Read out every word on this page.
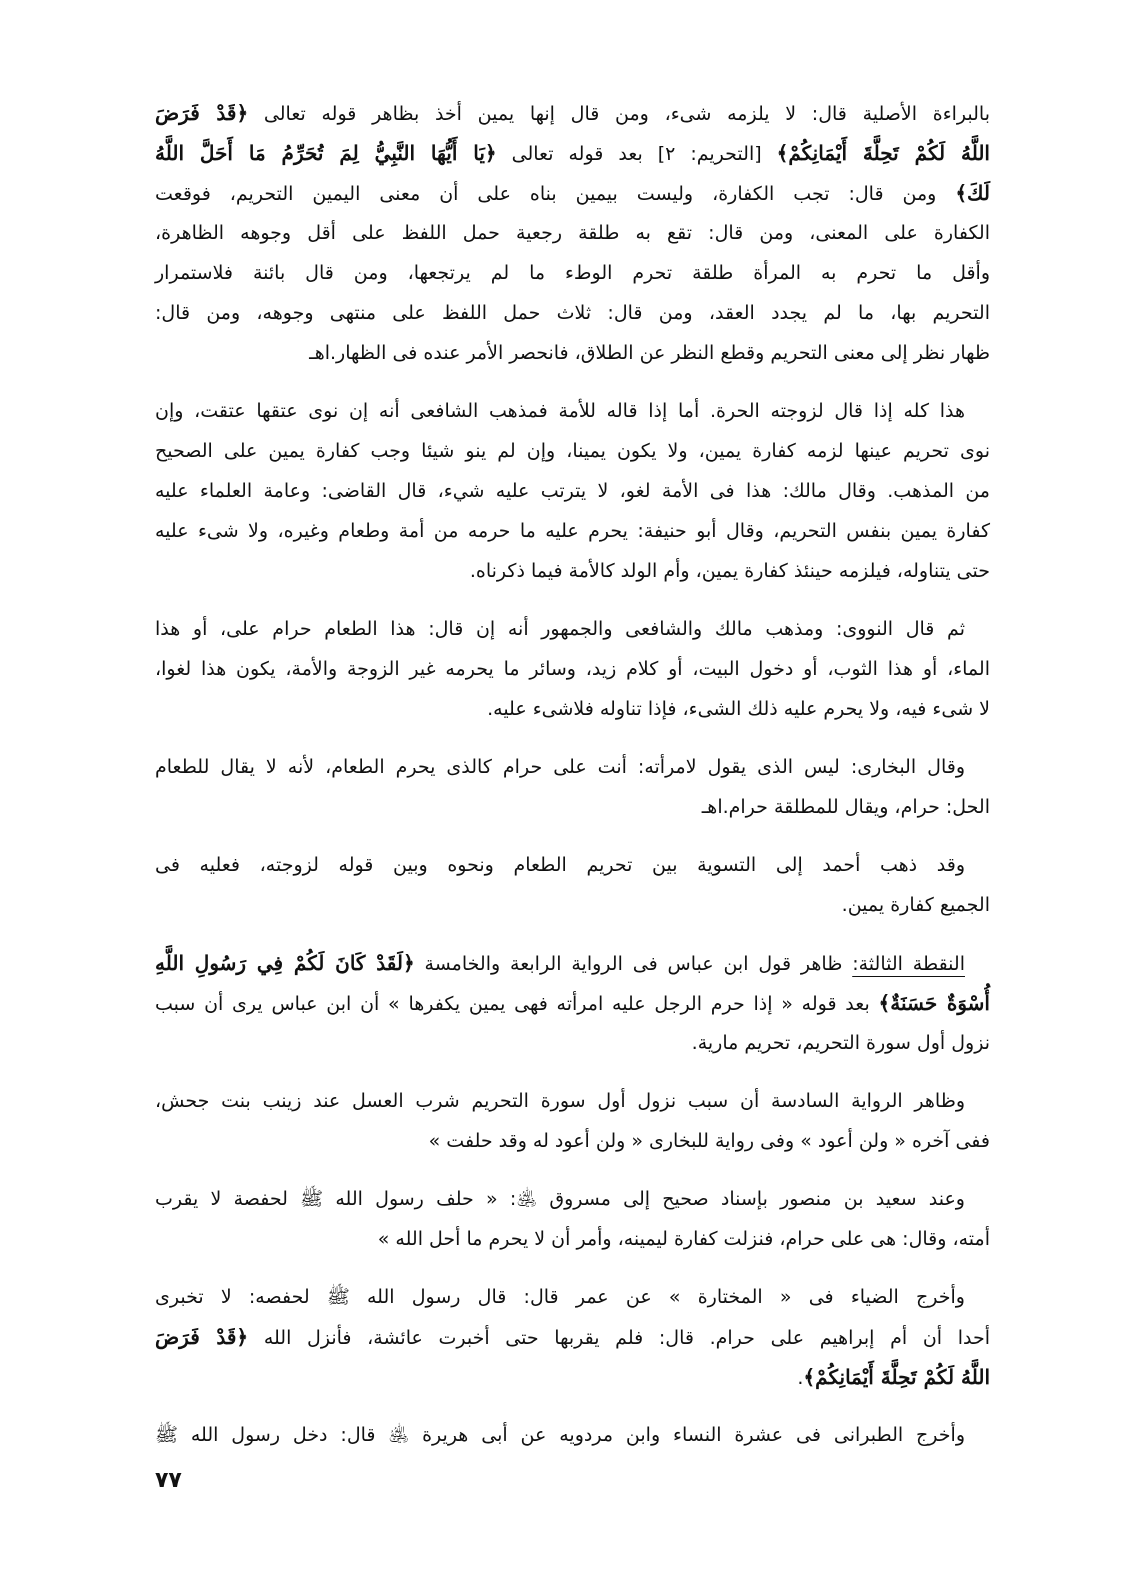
بالبراءة الأصلية قال: لا يلزمه شىء، ومن قال إنها يمين أخذ بظاهر قوله تعالى ﴿قَدْ فَرَضَ
اللَّهُ لَكُمْ تَحِلَّةَ أَيْمَانِكُمْ﴾ [التحريم: ٢] بعد قوله تعالى ﴿يَا أَيُّهَا النَّبِيُّ لِمَ تُحَرِّمُ مَا أَحَلَّ اللَّهُ
لَكَ﴾ ومن قال: تجب الكفارة، وليست بيمين بناه على أن معنى اليمين التحريم، فوقعت
الكفارة على المعنى، ومن قال: تقع به طلقة رجعية حمل اللفظ على أقل وجوهه الظاهرة،
وأقل ما تحرم به المرأة طلقة تحرم الوطء ما لم يرتجعها، ومن قال بائنة فلاستمرار
التحريم بها، ما لم يجدد العقد، ومن قال: ثلاث حمل اللفظ على منتهى وجوهه، ومن قال:
ظهار نظر إلى معنى التحريم وقطع النظر عن الطلاق، فانحصر الأمر عنده فى الظهار.اهـ
هذا كله إذا قال لزوجته الحرة. أما إذا قاله للأمة فمذهب الشافعى أنه إن نوى عتقها عتقت، وإن
نوى تحريم عينها لزمه كفارة يمين، ولا يكون يمينا، وإن لم ينو شيئا وجب كفارة يمين على الصحيح
من المذهب. وقال مالك: هذا فى الأمة لغو، لا يترتب عليه شيء، قال القاضى: وعامة العلماء عليه
كفارة يمين بنفس التحريم، وقال أبو حنيفة: يحرم عليه ما حرمه من أمة وطعام وغيره، ولا شىء عليه
حتى يتناوله، فيلزمه حينئذ كفارة يمين، وأم الولد كالأمة فيما ذكرناه.
ثم قال النووى: ومذهب مالك والشافعى والجمهور أنه إن قال: هذا الطعام حرام على، أو هذا
الماء، أو هذا الثوب، أو دخول البيت، أو كلام زيد، وسائر ما يحرمه غير الزوجة والأمة، يكون هذا لغوا،
لا شىء فيه، ولا يحرم عليه ذلك الشىء، فإذا تناوله فلاشىء عليه.
وقال البخارى: ليس الذى يقول لامرأته: أنت على حرام كالذى يحرم الطعام، لأنه لا يقال للطعام
الحل: حرام، ويقال للمطلقة حرام.اهـ
وقد ذهب أحمد إلى التسوية بين تحريم الطعام ونحوه وبين قوله لزوجته، فعليه فى
الجميع كفارة يمين.
النقطة الثالثة: ظاهر قول ابن عباس فى الرواية الرابعة والخامسة ﴿لَقَدْ كَانَ لَكُمْ فِي رَسُولِ اللَّهِ
أُسْوَةٌ حَسَنَةٌ﴾ بعد قوله « إذا حرم الرجل عليه امرأته فهى يمين يكفرها » أن ابن عباس يرى أن سبب
نزول أول سورة التحريم، تحريم مارية.
وظاهر الرواية السادسة أن سبب نزول أول سورة التحريم شرب العسل عند زينب بنت جحش،
ففى آخره « ولن أعود » وفى رواية للبخارى « ولن أعود له وقد حلفت »
وعند سعيد بن منصور بإسناد صحيح إلى مسروق ﵁: « حلف رسول الله ﷺ لحفصة لا يقرب
أمته، وقال: هى على حرام، فنزلت كفارة ليمينه، وأمر أن لا يحرم ما أحل الله »
وأخرج الضياء فى « المختارة » عن عمر قال: قال رسول الله ﷺ لحفصه: لا تخبرى
أحدا أن أم إبراهيم على حرام. قال: فلم يقربها حتى أخبرت عائشة، فأنزل الله ﴿قَدْ فَرَضَ
اللَّهُ لَكُمْ تَحِلَّةَ أَيْمَانِكُمْ﴾.
وأخرج الطبرانى فى عشرة النساء وابن مردويه عن أبى هريرة ﵁ قال: دخل رسول الله ﷺ
٧٧
